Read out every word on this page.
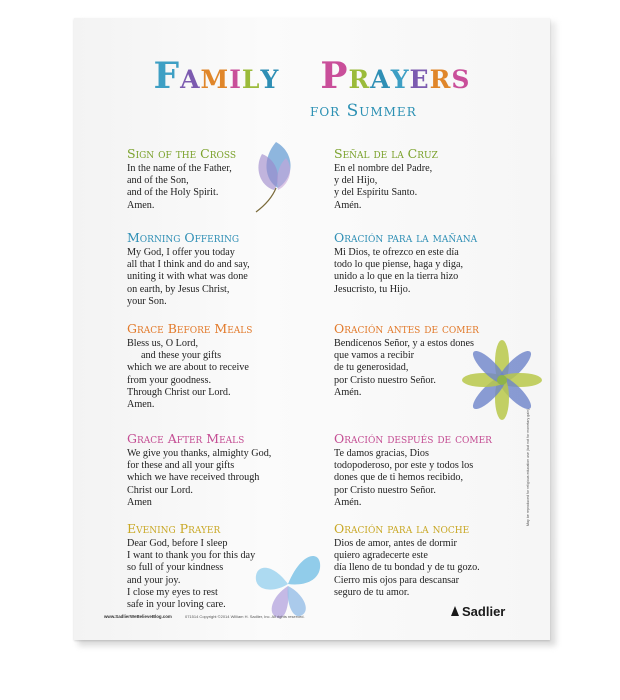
Family Prayers
for Summer
Sign of the Cross
In the name of the Father,
and of the Son,
and of the Holy Spirit.
Amen.
Morning Offering
My God, I offer you today
all that I think and do and say,
uniting it with what was done
on earth, by Jesus Christ,
your Son.
Grace Before Meals
Bless us, O Lord,
and these your gifts
which we are about to receive
from your goodness.
Through Christ our Lord.
Amen.
Grace After Meals
We give you thanks, almighty God,
for these and all your gifts
which we have received through
Christ our Lord.
Amen
Evening Prayer
Dear God, before I sleep
I want to thank you for this day
so full of your kindness
and your joy.
I close my eyes to rest
safe in your loving care.
Señal de la Cruz
En el nombre del Padre,
y del Hijo,
y del Espíritu Santo.
Amén.
Oración para la mañana
Mi Dios, te ofrezco en este día
todo lo que piense, haga y diga,
unido a lo que en la tierra hizo
Jesucristo, tu Hijo.
Oración antes de comer
Bendícenos Señor, y a estos dones
que vamos a recibir
de tu generosidad,
por Cristo nuestro Señor.
Amén.
Oración después de comer
Te damos gracias, Dios
todopoderoso, por este y todos los
dones que de ti hemos recibido,
por Cristo nuestro Señor.
Amén.
Oración para la noche
Dios de amor, antes de dormir
quiero agradecerte este
día lleno de tu bondad y de tu gozo.
Cierro mis ojos para descansar
seguro de tu amor.
www.SadlierWeBelieveBlog.com	071514 Copyright ©2014 William H. Sadlier, Inc. All rights reserved.	Sadlier
May be reproduced for religious education use (but not for monetary gain).
